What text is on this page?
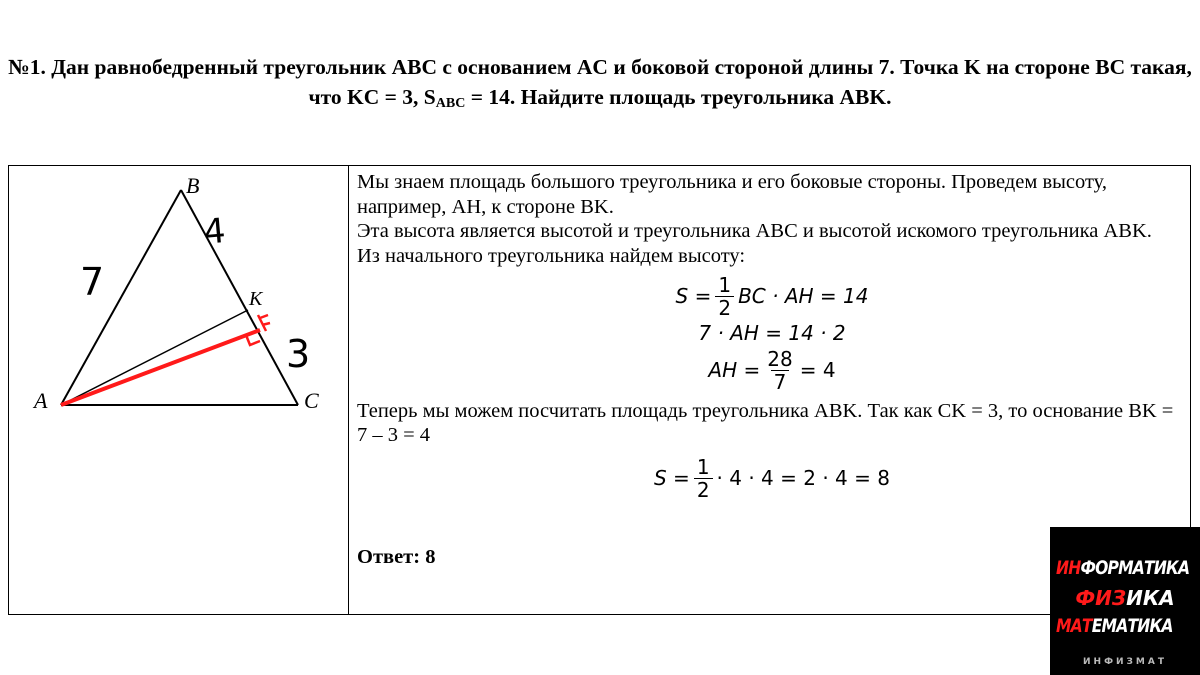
№1. Дан равнобедренный треугольник ABC с основанием AC и боковой стороной длины 7. Точка K на стороне BC такая, что KC = 3, $S_{ABC} = 14$. Найдите площадь треугольника ABK.
B
A	C
K
7
4
3

Мы знаем площадь большого треугольника и его боковые стороны. Проведем высоту, например, AH, к стороне BK.

Эта высота является высотой и треугольника ABC и высотой искомого треугольника ABK.

Из начального треугольника найдем высоту:

$S = \frac{1}{2}$ BC · AH = 14
7 · AH = 14 · 2
AH = $\frac{28}{7} = 4$

Теперь мы можем посчитать площадь треугольника ABK. Так как CK = 3, то основание BK = 7 – 3 = 4

$S = \frac{1}{2} \cdot 4 \cdot 4 = 2 \cdot 4 = 8$

Ответ: 8

ИНФОРМАТИКА
ФИЗИКА
МАТЕМАТИКА
ИНФИЗМАТ
